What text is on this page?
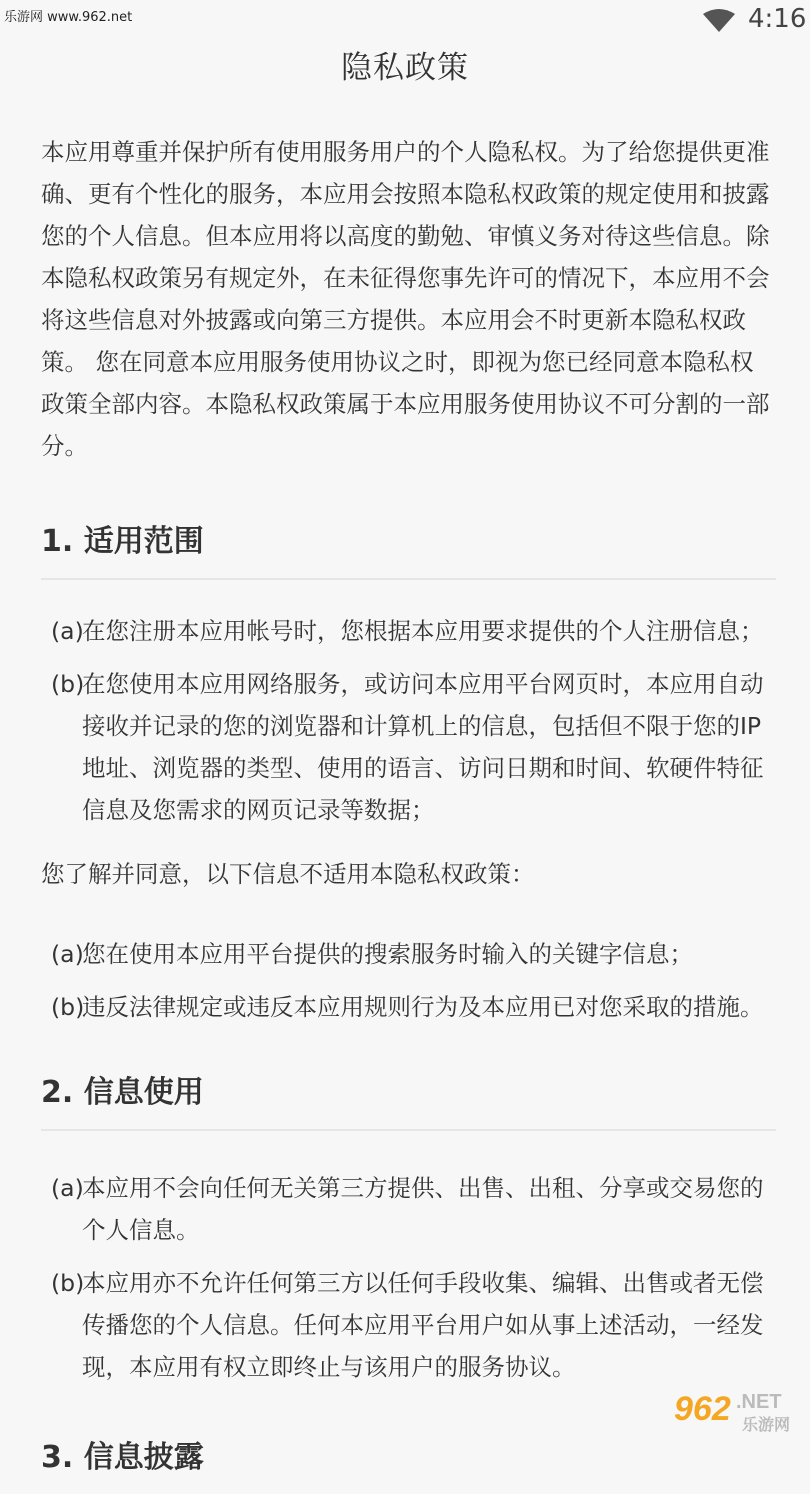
乐游网 www.962.net	4:16
隐私政策

本应用尊重并保护所有使用服务用户的个人隐私权。为了给您提供更准确、更有个性化的服务，本应用会按照本隐私权政策的规定使用和披露您的个人信息。但本应用将以高度的勤勉、审慎义务对待这些信息。除本隐私权政策另有规定外，在未征得您事先许可的情况下，本应用不会将这些信息对外披露或向第三方提供。本应用会不时更新本隐私权政策。 您在同意本应用服务使用协议之时，即视为您已经同意本隐私权政策全部内容。本隐私权政策属于本应用服务使用协议不可分割的一部分。

1. 适用范围

(a)
在您注册本应用帐号时，您根据本应用要求提供的个人注册信息；

(b)
在您使用本应用网络服务，或访问本应用平台网页时，本应用自动接收并记录的您的浏览器和计算机上的信息，包括但不限于您的IP地址、浏览器的类型、使用的语言、访问日期和时间、软硬件特征信息及您需求的网页记录等数据；

您了解并同意，以下信息不适用本隐私权政策：

(a)
您在使用本应用平台提供的搜索服务时输入的关键字信息；

(b)
违反法律规定或违反本应用规则行为及本应用已对您采取的措施。

2. 信息使用

(a)
本应用不会向任何无关第三方提供、出售、出租、分享或交易您的个人信息。

(b)
本应用亦不允许任何第三方以任何手段收集、编辑、出售或者无偿传播您的个人信息。任何本应用平台用户如从事上述活动，一经发现，本应用有权立即终止与该用户的服务协议。

3. 信息披露
962 .NET
乐游网
